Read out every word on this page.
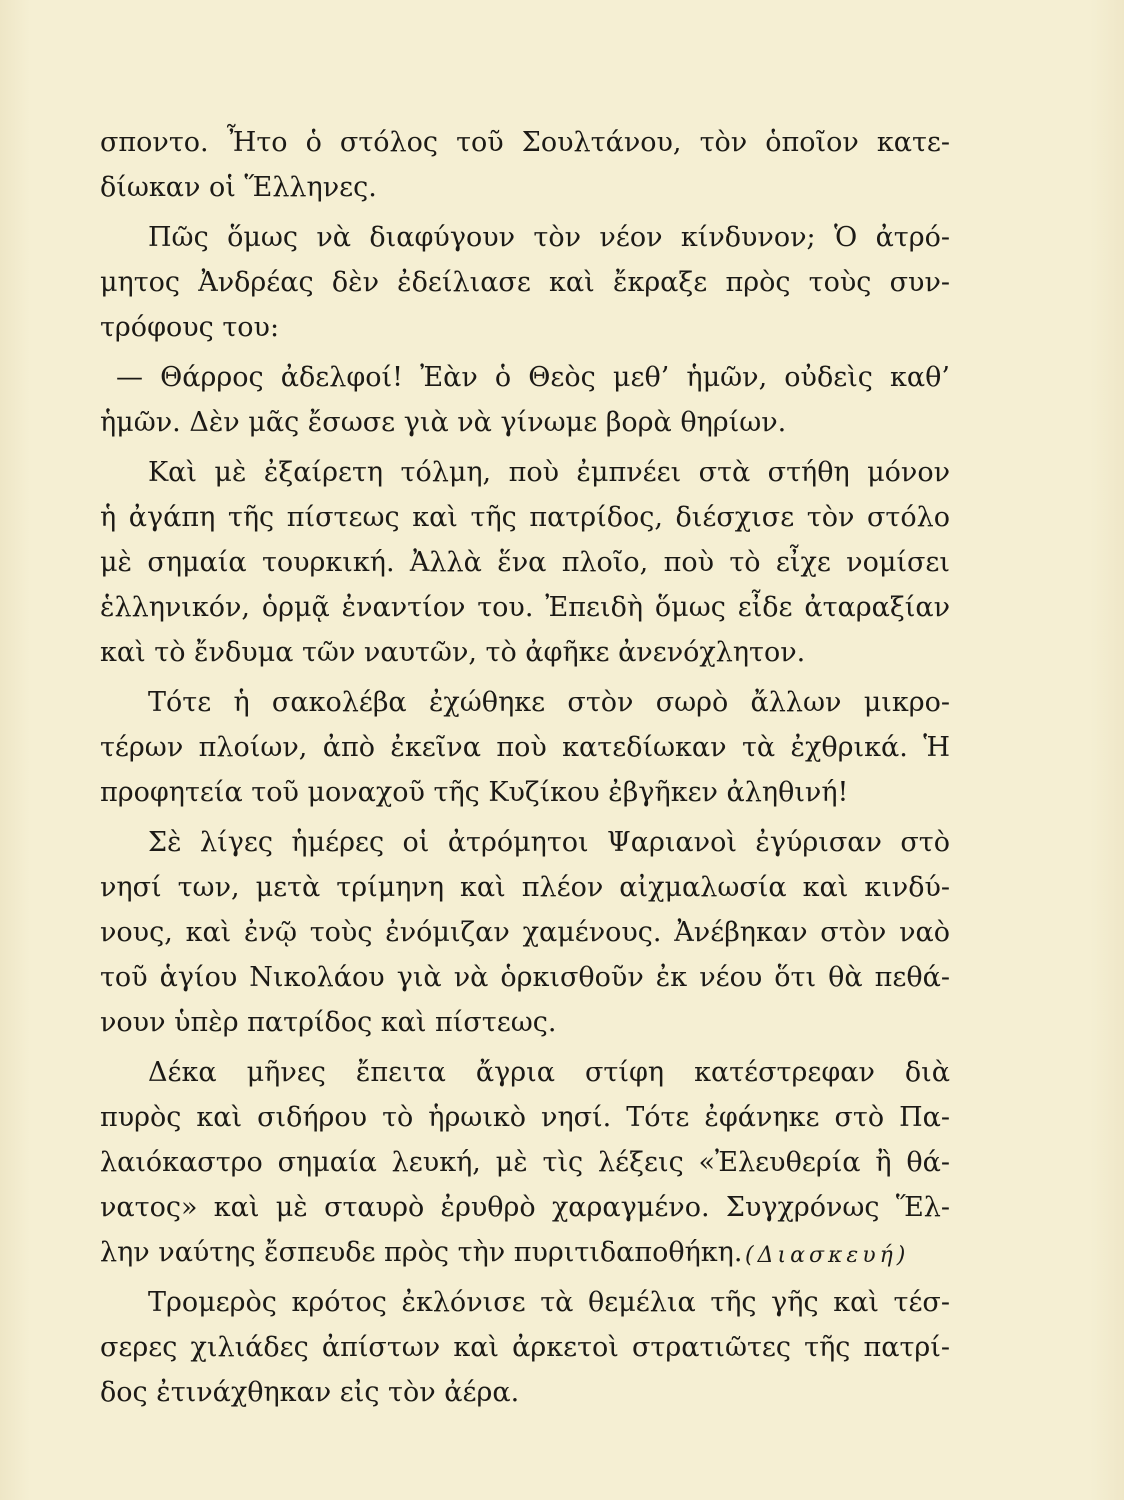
σποντο. Ἦτο ὁ στόλος τοῦ Σουλτάνου, τὸν ὁποῖον κατε-
δίωκαν οἱ Ἕλληνες.
Πῶς ὅμως νὰ διαφύγουν τὸν νέον κίνδυνον; Ὁ ἀτρό-
μητος Ἀνδρέας δὲν ἐδείλιασε καὶ ἔκραξε πρὸς τοὺς συν-
τρόφους του:
— Θάρρος ἀδελφοί! Ἐὰν ὁ Θεὸς μεθ’ ἡμῶν, οὐδεὶς καθ’
ἡμῶν. Δὲν μᾶς ἔσωσε γιὰ νὰ γίνωμε βορὰ θηρίων.
Καὶ μὲ ἐξαίρετη τόλμη, ποὺ ἐμπνέει στὰ στήθη μόνον
ἡ ἀγάπη τῆς πίστεως καὶ τῆς πατρίδος, διέσχισε τὸν στόλο
μὲ σημαία τουρκική. Ἀλλὰ ἕνα πλοῖο, ποὺ τὸ εἶχε νομίσει
ἑλληνικόν, ὁρμᾷ ἐναντίον του. Ἐπειδὴ ὅμως εἶδε ἀταραξίαν
καὶ τὸ ἔνδυμα τῶν ναυτῶν, τὸ ἀφῆκε ἀνενόχλητον.
Τότε ἡ σακολέβα ἐχώθηκε στὸν σωρὸ ἄλλων μικρο-
τέρων πλοίων, ἀπὸ ἐκεῖνα ποὺ κατεδίωκαν τὰ ἐχθρικά. Ἡ
προφητεία τοῦ μοναχοῦ τῆς Κυζίκου ἐβγῆκεν ἀληθινή!
Σὲ λίγες ἡμέρες οἱ ἀτρόμητοι Ψαριανοὶ ἐγύρισαν στὸ
νησί των, μετὰ τρίμηνη καὶ πλέον αἰχμαλωσία καὶ κινδύ-
νους, καὶ ἐνῷ τοὺς ἐνόμιζαν χαμένους. Ἀνέβηκαν στὸν ναὸ
τοῦ ἁγίου Νικολάου γιὰ νὰ ὁρκισθοῦν ἐκ νέου ὅτι θὰ πεθά-
νουν ὑπὲρ πατρίδος καὶ πίστεως.
Δέκα μῆνες ἔπειτα ἄγρια στίφη κατέστρεφαν διὰ
πυρὸς καὶ σιδήρου τὸ ἡρωικὸ νησί. Τότε ἐφάνηκε στὸ Πα-
λαιόκαστρο σημαία λευκή, μὲ τὶς λέξεις «Ἐλευθερία ἢ θά-
νατος» καὶ μὲ σταυρὸ ἐρυθρὸ χαραγμένο. Συγχρόνως Ἕλ-
λην ναύτης ἔσπευδε πρὸς τὴν πυριτιδαποθήκη.
Τρομερὸς κρότος ἐκλόνισε τὰ θεμέλια τῆς γῆς καὶ τέσ-
σερες χιλιάδες ἀπίστων καὶ ἀρκετοὶ στρατιῶτες τῆς πατρί-
δος ἐτινάχθηκαν εἰς τὸν ἀέρα.
(Διασκευή)
